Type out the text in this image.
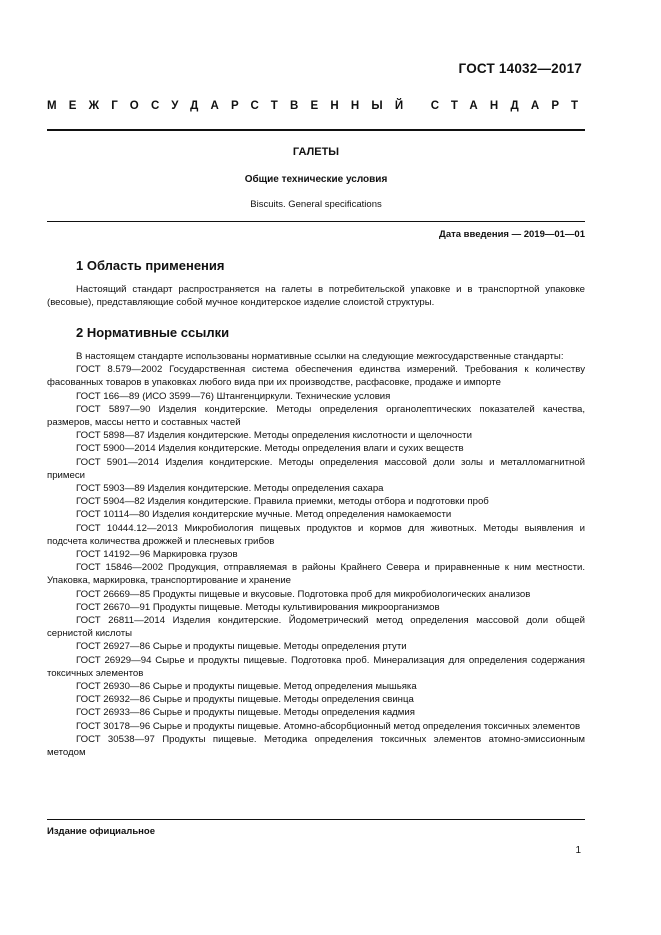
ГОСТ 14032—2017
МЕЖГОСУДАРСТВЕННЫЙ СТАНДАРТ
ГАЛЕТЫ
Общие технические условия
Biscuits. General specifications
Дата введения — 2019—01—01
1 Область применения
Настоящий стандарт распространяется на галеты в потребительской упаковке и в транспортной упаковке (весовые), представляющие собой мучное кондитерское изделие слоистой структуры.
2 Нормативные ссылки
В настоящем стандарте использованы нормативные ссылки на следующие межгосударственные стандарты:
ГОСТ 8.579—2002 Государственная система обеспечения единства измерений. Требования к количеству фасованных товаров в упаковках любого вида при их производстве, расфасовке, продаже и импорте
ГОСТ 166—89 (ИСО 3599—76) Штангенциркули. Технические условия
ГОСТ 5897—90 Изделия кондитерские. Методы определения органолептических показателей качества, размеров, массы нетто и составных частей
ГОСТ 5898—87 Изделия кондитерские. Методы определения кислотности и щелочности
ГОСТ 5900—2014 Изделия кондитерские. Методы определения влаги и сухих веществ
ГОСТ 5901—2014 Изделия кондитерские. Методы определения массовой доли золы и металломагнитной примеси
ГОСТ 5903—89 Изделия кондитерские. Методы определения сахара
ГОСТ 5904—82 Изделия кондитерские. Правила приемки, методы отбора и подготовки проб
ГОСТ 10114—80 Изделия кондитерские мучные. Метод определения намокаемости
ГОСТ 10444.12—2013 Микробиология пищевых продуктов и кормов для животных. Методы выявления и подсчета количества дрожжей и плесневых грибов
ГОСТ 14192—96 Маркировка грузов
ГОСТ 15846—2002 Продукция, отправляемая в районы Крайнего Севера и приравненные к ним местности. Упаковка, маркировка, транспортирование и хранение
ГОСТ 26669—85 Продукты пищевые и вкусовые. Подготовка проб для микробиологических анализов
ГОСТ 26670—91 Продукты пищевые. Методы культивирования микроорганизмов
ГОСТ 26811—2014 Изделия кондитерские. Йодометрический метод определения массовой доли общей сернистой кислоты
ГОСТ 26927—86 Сырье и продукты пищевые. Методы определения ртути
ГОСТ 26929—94 Сырье и продукты пищевые. Подготовка проб. Минерализация для определения содержания токсичных элементов
ГОСТ 26930—86 Сырье и продукты пищевые. Метод определения мышьяка
ГОСТ 26932—86 Сырье и продукты пищевые. Методы определения свинца
ГОСТ 26933—86 Сырье и продукты пищевые. Методы определения кадмия
ГОСТ 30178—96 Сырье и продукты пищевые. Атомно-абсорбционный метод определения токсичных элементов
ГОСТ 30538—97 Продукты пищевые. Методика определения токсичных элементов атомно-эмиссионным методом
Издание официальное
1
